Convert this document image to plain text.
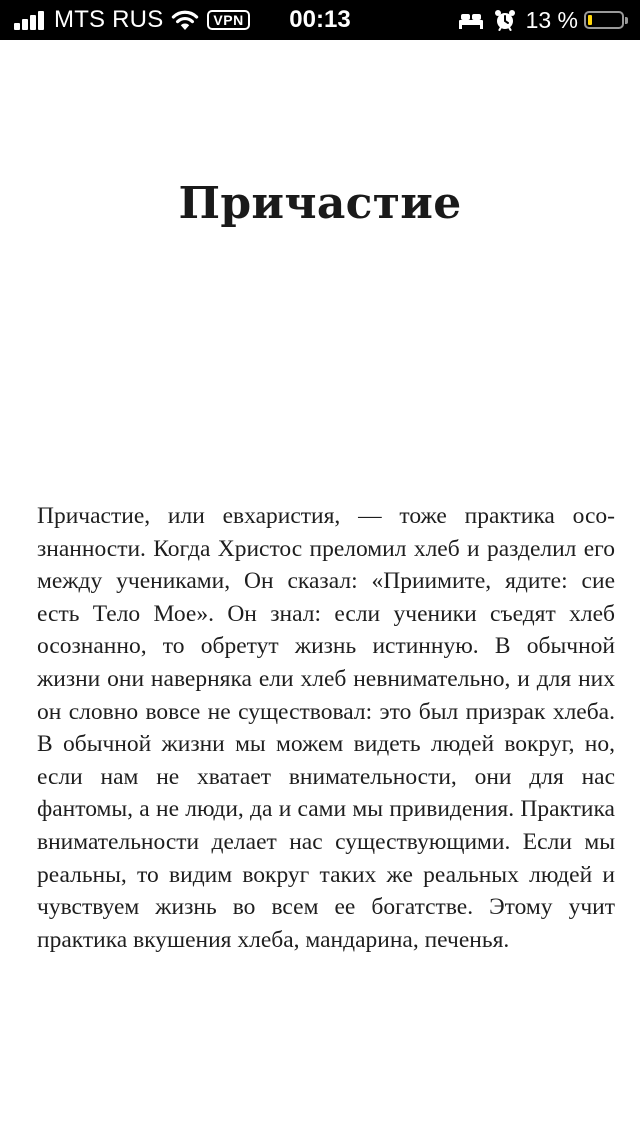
MTS RUS	VPN	00:13	13 %
Причастие

Причастие, или евхаристия, — тоже практика осознанности. Когда Христос преломил хлеб и разделил его между учениками, Он сказал: «Приимите, ядите: сие есть Тело Мое». Он знал: если ученики съедят хлеб осознанно, то обретут жизнь истинную. В обычной жизни они наверняка ели хлеб невнимательно, и для них он словно вовсе не существовал: это был призрак хлеба. В обычной жизни мы можем видеть людей вокруг, но, если нам не хватает внимательности, они для нас фантомы, а не люди, да и сами мы привидения. Практика внимательности делает нас существующими. Если мы реальны, то видим вокруг таких же реальных людей и чувствуем жизнь во всем ее богатстве. Этому учит практика вкушения хлеба, мандарина, печенья.
